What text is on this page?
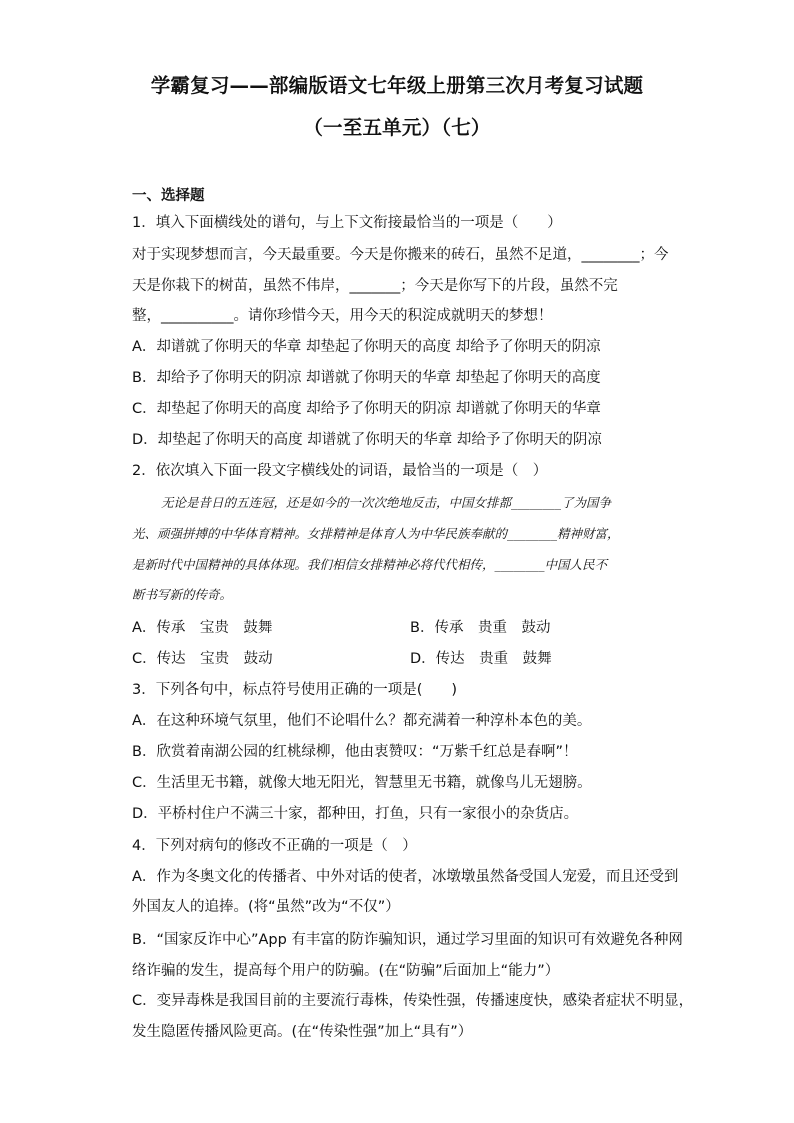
学霸复习——部编版语文七年级上册第三次月考复习试题
（一至五单元）（七）
一、选择题
1．填入下面横线处的谱句，与上下文衔接最恰当的一项是（　　）
对于实现梦想而言，今天最重要。今天是你搬来的砖石，虽然不足道，________；今
天是你栽下的树苗，虽然不伟岸，_______；今天是你写下的片段，虽然不完
整，__________。请你珍惜今天，用今天的积淀成就明天的梦想！
A．却谱就了你明天的华章 却垫起了你明天的高度 却给予了你明天的阴凉
B．却给予了你明天的阴凉 却谱就了你明天的华章 却垫起了你明天的高度
C．却垫起了你明天的高度 却给予了你明天的阴凉 却谱就了你明天的华章
D．却垫起了你明天的高度 却谱就了你明天的华章 却给予了你明天的阴凉
2．依次填入下面一段文字横线处的词语，最恰当的一项是（　）
无论是昔日的五连冠，还是如今的一次次绝地反击，中国女排都________了为国争
光、顽强拼搏的中华体育精神。女排精神是体育人为中华民族奉献的________精神财富，
是新时代中国精神的具体体现。我们相信女排精神必将代代相传，________中国人民不
断书写新的传奇。
A．传承　宝贵　鼓舞	B．传承　贵重　鼓动
C．传达　宝贵　鼓动	D．传达　贵重　鼓舞
3．下列各句中，标点符号使用正确的一项是(　　)
A．在这种环境气氛里，他们不论唱什么？都充满着一种淳朴本色的美。
B．欣赏着南湖公园的红桃绿柳，他由衷赞叹：“万紫千红总是春啊”！
C．生活里无书籍，就像大地无阳光，智慧里无书籍，就像鸟儿无翅膀。
D．平桥村住户不满三十家，都种田，打鱼，只有一家很小的杂货店。
4．下列对病句的修改不正确的一项是（　）
A．作为冬奥文化的传播者、中外对话的使者，冰墩墩虽然备受国人宠爱，而且还受到
外国友人的追捧。(将“虽然”改为“不仅”）
B．“国家反诈中心”App 有丰富的防诈骗知识，通过学习里面的知识可有效避免各种网
络诈骗的发生，提高每个用户的防骗。(在“防骗”后面加上“能力”）
C．变异毒株是我国目前的主要流行毒株，传染性强，传播速度快，感染者症状不明显，
发生隐匿传播风险更高。(在“传染性强”加上“具有”）
